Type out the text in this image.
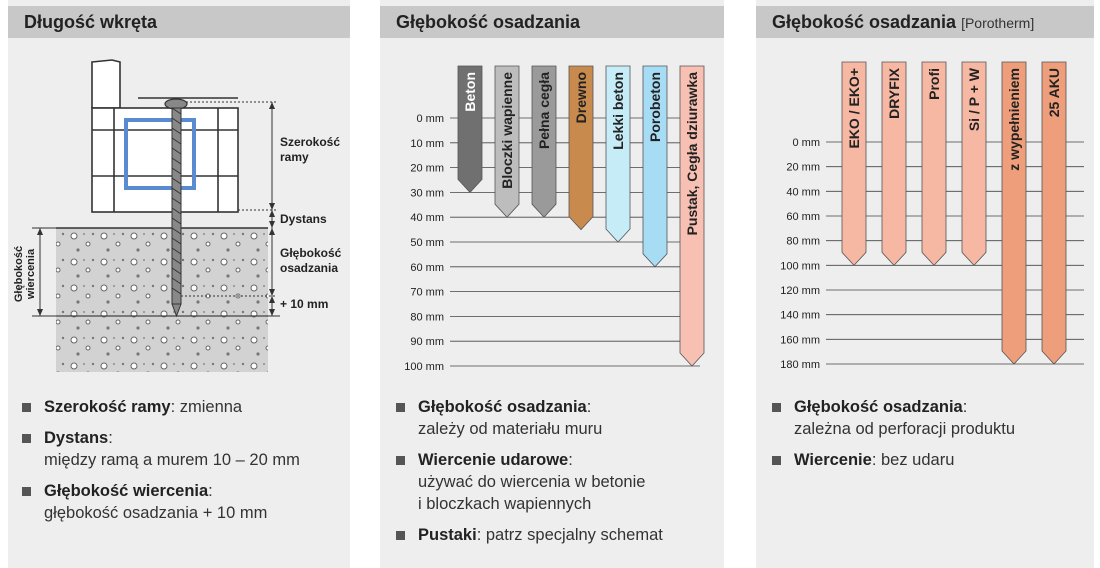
Długość wkręta
Szerokość
ramy
Dystans
Głębokość
osadzania
+ 10 mm
Głębokość wiercenia
Szerokość ramy: zmienna
Dystans:
między ramą a murem 10 – 20 mm
Głębokość wiercenia:
głębokość osadzania + 10 mm
Głębokość osadzania
0 mm
10 mm
20 mm
30 mm
40 mm
50 mm
60 mm
70 mm
80 mm
90 mm
100 mm
Beton Bloczki wapienne Pełna cegła Drewno Lekki beton Porobeton Pustak, Cegła dziurawka
Głębokość osadzania:
zależy od materiału muru
Wiercenie udarowe:
używać do wiercenia w betonie
i bloczkach wapiennych
Pustaki: patrz specjalny schemat
Głębokość osadzania [Porotherm]
0 mm
20 mm
40 mm
60 mm
80 mm
100 mm
120 mm
140 mm
160 mm
180 mm
EKO / EKO+ DRYFIX Profi Si / P + W z wypełnieniem 25 AKU
Głębokość osadzania:
zależna od perforacji produktu
Wiercenie: bez udaru
